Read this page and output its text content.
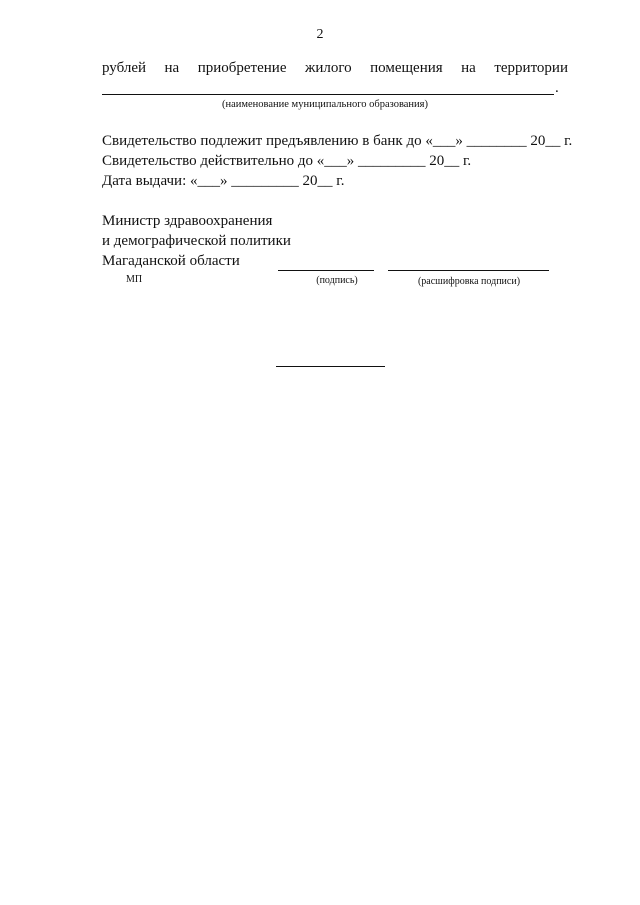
2
рублей на приобретение жилого помещения на территории
.
(наименование муниципального образования)
Свидетельство подлежит предъявлению в банк до «___» ________ 20__ г.
Свидетельство действительно до «___» _________ 20__ г.
Дата выдачи: «___» _________ 20__ г.
Министр здравоохранения
и демографической политики
Магаданской области
МП	(подпись)	(расшифровка подписи)
